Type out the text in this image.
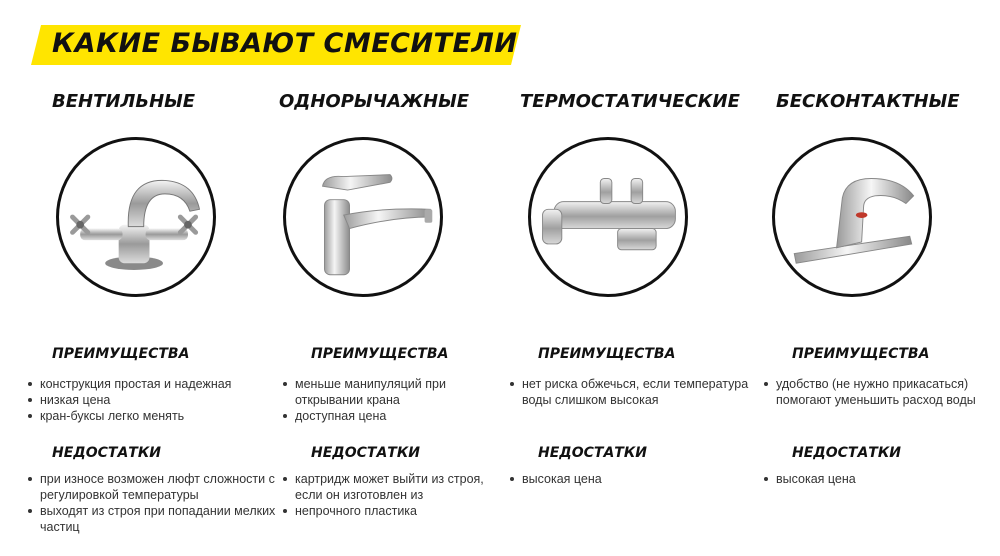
КАКИЕ БЫВАЮТ СМЕСИТЕЛИ
ВЕНТИЛЬНЫЕ
ПРЕИМУЩЕСТВА
конструкция простая и надежная
низкая цена
кран-буксы легко менять
НЕДОСТАТКИ
при износе возможен люфт сложности с регулировкой температуры
выходят из строя при попадании мелких частиц
ОДНОРЫЧАЖНЫЕ
ПРЕИМУЩЕСТВА
меньше манипуляций при открывании крана
доступная цена
НЕДОСТАТКИ
картридж может выйти из строя, если он изготовлен из
непрочного пластика
ТЕРМОСТАТИЧЕСКИЕ
ПРЕИМУЩЕСТВА
нет риска обжечься, если температура воды слишком высокая
НЕДОСТАТКИ
высокая цена
БЕСКОНТАКТНЫЕ
ПРЕИМУЩЕСТВА
удобство (не нужно прикасаться) помогают уменьшить расход воды
НЕДОСТАТКИ
высокая цена
